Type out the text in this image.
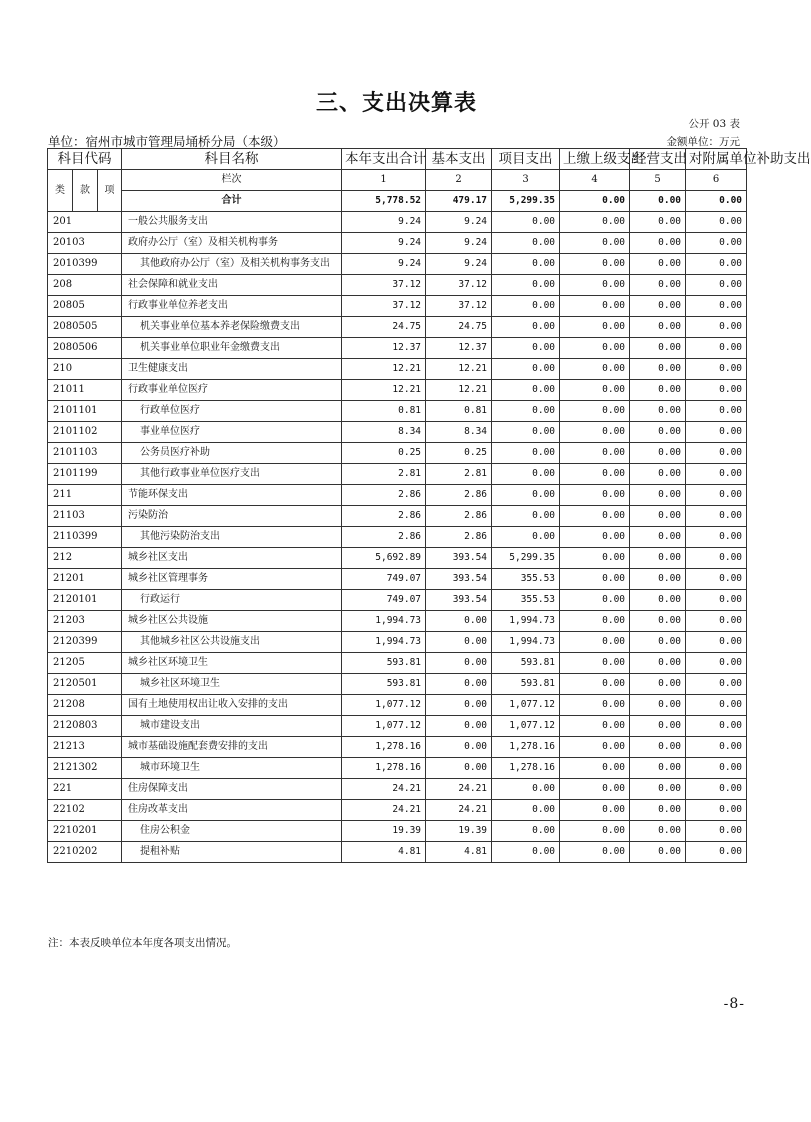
三、支出决算表
公开 03 表
单位：宿州市城市管理局埇桥分局（本级）	金额单位：万元
科目代码			科目名称	本年支出合计	基本支出	项目支出	上缴上级支出	经营支出	对附属单位补助支出
类	款	项	栏次	1	2	3	4	5	6
			合计	5,778.52	479.17	5,299.35	0.00	0.00	0.00
201			一般公共服务支出	9.24	9.24	0.00	0.00	0.00	0.00
20103			政府办公厅（室）及相关机构事务	9.24	9.24	0.00	0.00	0.00	0.00
2010399			其他政府办公厅（室）及相关机构事务支出	9.24	9.24	0.00	0.00	0.00	0.00
208			社会保障和就业支出	37.12	37.12	0.00	0.00	0.00	0.00
20805			行政事业单位养老支出	37.12	37.12	0.00	0.00	0.00	0.00
2080505			机关事业单位基本养老保险缴费支出	24.75	24.75	0.00	0.00	0.00	0.00
2080506			机关事业单位职业年金缴费支出	12.37	12.37	0.00	0.00	0.00	0.00
210			卫生健康支出	12.21	12.21	0.00	0.00	0.00	0.00
21011			行政事业单位医疗	12.21	12.21	0.00	0.00	0.00	0.00
2101101			行政单位医疗	0.81	0.81	0.00	0.00	0.00	0.00
2101102			事业单位医疗	8.34	8.34	0.00	0.00	0.00	0.00
2101103			公务员医疗补助	0.25	0.25	0.00	0.00	0.00	0.00
2101199			其他行政事业单位医疗支出	2.81	2.81	0.00	0.00	0.00	0.00
211			节能环保支出	2.86	2.86	0.00	0.00	0.00	0.00
21103			污染防治	2.86	2.86	0.00	0.00	0.00	0.00
2110399			其他污染防治支出	2.86	2.86	0.00	0.00	0.00	0.00
212			城乡社区支出	5,692.89	393.54	5,299.35	0.00	0.00	0.00
21201			城乡社区管理事务	749.07	393.54	355.53	0.00	0.00	0.00
2120101			行政运行	749.07	393.54	355.53	0.00	0.00	0.00
21203			城乡社区公共设施	1,994.73	0.00	1,994.73	0.00	0.00	0.00
2120399			其他城乡社区公共设施支出	1,994.73	0.00	1,994.73	0.00	0.00	0.00
21205			城乡社区环境卫生	593.81	0.00	593.81	0.00	0.00	0.00
2120501			城乡社区环境卫生	593.81	0.00	593.81	0.00	0.00	0.00
21208			国有土地使用权出让收入安排的支出	1,077.12	0.00	1,077.12	0.00	0.00	0.00
2120803			城市建设支出	1,077.12	0.00	1,077.12	0.00	0.00	0.00
21213			城市基础设施配套费安排的支出	1,278.16	0.00	1,278.16	0.00	0.00	0.00
2121302			城市环境卫生	1,278.16	0.00	1,278.16	0.00	0.00	0.00
221			住房保障支出	24.21	24.21	0.00	0.00	0.00	0.00
22102			住房改革支出	24.21	24.21	0.00	0.00	0.00	0.00
2210201			住房公积金	19.39	19.39	0.00	0.00	0.00	0.00
2210202			提租补贴	4.81	4.81	0.00	0.00	0.00	0.00
注：本表反映单位本年度各项支出情况。
-8-
